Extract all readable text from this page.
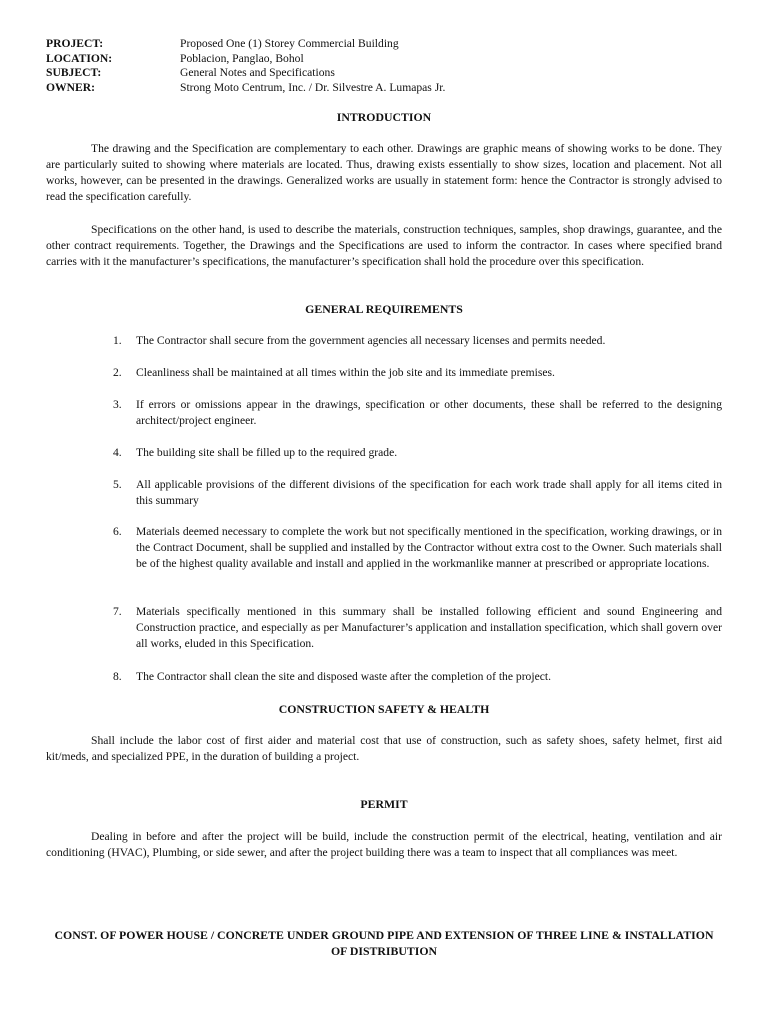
PROJECT:	Proposed One (1) Storey Commercial Building
LOCATION:	Poblacion, Panglao, Bohol
SUBJECT:	General Notes and Specifications
OWNER:	Strong Moto Centrum, Inc. / Dr. Silvestre A. Lumapas Jr.
INTRODUCTION

The drawing and the Specification are complementary to each other. Drawings are graphic means of showing works to be done. They are particularly suited to showing where materials are located. Thus, drawing exists essentially to show sizes, location and placement. Not all works, however, can be presented in the drawings. Generalized works are usually in statement form: hence the Contractor is strongly advised to read the specification carefully.

Specifications on the other hand, is used to describe the materials, construction techniques, samples, shop drawings, guarantee, and the other contract requirements. Together, the Drawings and the Specifications are used to inform the contractor. In cases where specified brand carries with it the manufacturer’s specifications, the manufacturer’s specification shall hold the procedure over this specification.

GENERAL REQUIREMENTS
1.	The Contractor shall secure from the government agencies all necessary licenses and permits needed.
2.	Cleanliness shall be maintained at all times within the job site and its immediate premises.
3.	If errors or omissions appear in the drawings, specification or other documents, these shall be referred to the designing architect/project engineer.
4.	The building site shall be filled up to the required grade.
5.	All applicable provisions of the different divisions of the specification for each work trade shall apply for all items cited in this summary
6.	Materials deemed necessary to complete the work but not specifically mentioned in the specification, working drawings, or in the Contract Document, shall be supplied and installed by the Contractor without extra cost to the Owner. Such materials shall be of the highest quality available and install and applied in the workmanlike manner at prescribed or appropriate locations.
7.	Materials specifically mentioned in this summary shall be installed following efficient and sound Engineering and Construction practice, and especially as per Manufacturer’s application and installation specification, which shall govern over all works, eluded in this Specification.
8.	The Contractor shall clean the site and disposed waste after the completion of the project.
CONSTRUCTION SAFETY & HEALTH

Shall include the labor cost of first aider and material cost that use of construction, such as safety shoes, safety helmet, first aid kit/meds, and specialized PPE, in the duration of building a project.

PERMIT

Dealing in before and after the project will be build, include the construction permit of the electrical, heating, ventilation and air conditioning (HVAC), Plumbing, or side sewer, and after the project building there was a team to inspect that all compliances was meet.

CONST. OF POWER HOUSE / CONCRETE UNDER GROUND PIPE AND EXTENSION OF THREE LINE & INSTALLATION OF DISTRIBUTION
